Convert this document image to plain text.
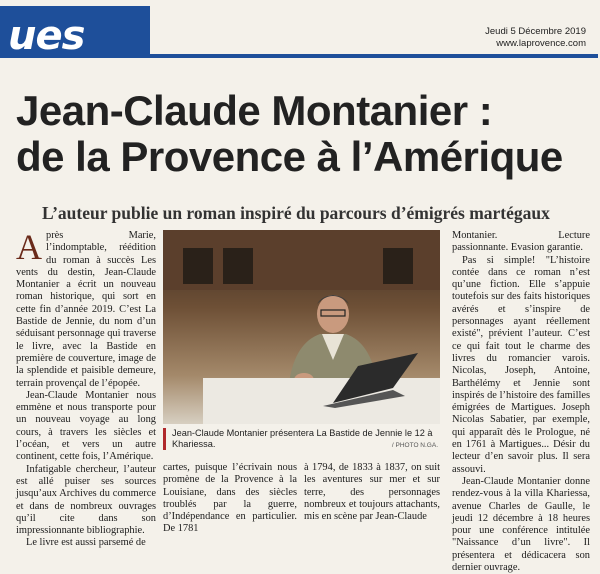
ues	Jeudi 5 Décembre 2019
www.laprovence.com
Jean-Claude Montanier :
de la Provence à l’Amérique
L’auteur publie un roman inspiré du parcours d’émigrés martégaux

A près Marie, l’indomptable, réédition du roman à succès Les vents du destin, Jean-Claude Montanier a écrit un nouveau roman historique, qui sort en cette fin d’année 2019. C’est La Bastide de Jennie, du nom d’un séduisant personnage qui traverse le livre, avec la Bastide en première de couverture, image de la splendide et paisible demeure, terrain provençal de l’épopée.

Jean-Claude Montanier nous emmène et nous transporte pour un nouveau voyage au long cours, à travers les siècles et l’océan, et vers un autre continent, cette fois, l’Amérique.

Infatigable chercheur, l’auteur est allé puiser ses sources jusqu’aux Archives du commerce et dans de nombreux ouvrages qu’il cite dans son impressionnante bibliographie.

Le livre est aussi parsemé de

Jean-Claude Montanier présentera La Bastide de Jennie le 12 à Khariessa.	/ PHOTO N.GA.

cartes, puisque l’écrivain nous promène de la Provence à la Louisiane, dans des siècles troublés par la guerre, d’Indépendance en particulier. De 1781

à 1794, de 1833 à 1837, on suit les aventures sur mer et sur terre, des personnages nombreux et toujours attachants, mis en scène par Jean-Claude

Montanier. Lecture passionnante. Evasion garantie.

Pas si simple! "L’histoire contée dans ce roman n’est qu’une fiction. Elle s’appuie toutefois sur des faits historiques avérés et s’inspire de personnages ayant réellement existé", prévient l’auteur. C’est ce qui fait tout le charme des livres du romancier varois. Nicolas, Joseph, Antoine, Barthélémy et Jennie sont inspirés de l’histoire des familles émigrées de Martigues. Joseph Nicolas Sabatier, par exemple, qui apparaît dès le Prologue, né en 1761 à Martigues... Désir du lecteur d’en savoir plus. Il sera assouvi.

Jean-Claude Montanier donne rendez-vous à la villa Khariessa, avenue Charles de Gaulle, le jeudi 12 décembre à 18 heures pour une conférence intitulée "Naissance d’un livre". Il présentera et dédicacera son dernier ouvrage.
